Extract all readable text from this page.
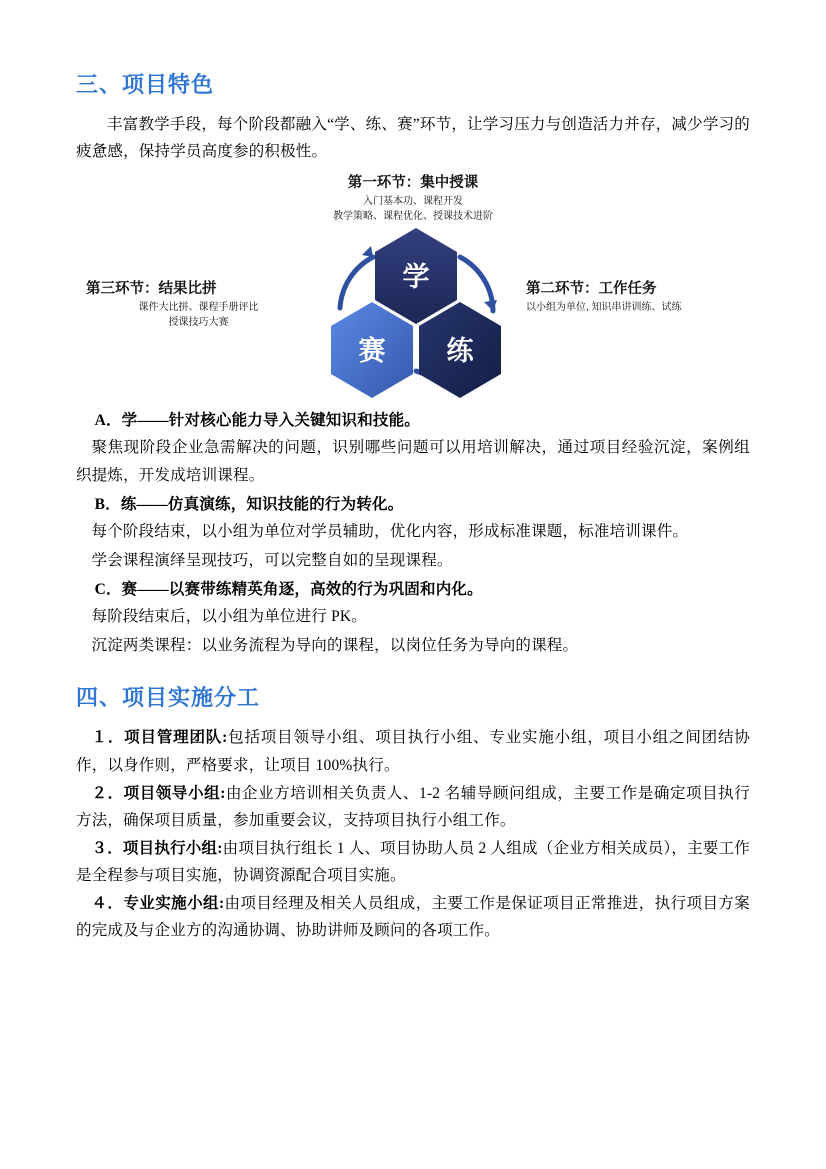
三、项目特色

丰富教学手段，每个阶段都融入“学、练、赛”环节，让学习压力与创造活力并存，减少学习的疲惫感，保持学员高度参的积极性。

学
练
赛
第一环节：集中授课
入门基本功、课程开发
教学策略、课程优化、授课技术进阶
第二环节：工作任务
以小组为单位, 知识串讲训练、试练
第三环节：结果比拼
课件大比拼、课程手册评比
授课技巧大赛

A．学——针对核心能力导入关键知识和技能。

聚焦现阶段企业急需解决的问题，识别哪些问题可以用培训解决，通过项目经验沉淀，案例组织提炼，开发成培训课程。

B．练——仿真演练，知识技能的行为转化。

每个阶段结束，以小组为单位对学员辅助，优化内容，形成标准课题，标准培训课件。

学会课程演绎呈现技巧，可以完整自如的呈现课程。

C．赛——以赛带练精英角逐，高效的行为巩固和内化。

每阶段结束后，以小组为单位进行 PK。

沉淀两类课程：以业务流程为导向的课程，以岗位任务为导向的课程。

四、项目实施分工

１．项目管理团队:包括项目领导小组、项目执行小组、专业实施小组，项目小组之间团结协作，以身作则，严格要求，让项目 100%执行。

２．项目领导小组:由企业方培训相关负责人、1-2 名辅导顾问组成，主要工作是确定项目执行方法，确保项目质量，参加重要会议，支持项目执行小组工作。

３．项目执行小组:由项目执行组长 1 人、项目协助人员 2 人组成（企业方相关成员），主要工作是全程参与项目实施，协调资源配合项目实施。

４．专业实施小组:由项目经理及相关人员组成，主要工作是保证项目正常推进，执行项目方案的完成及与企业方的沟通协调、协助讲师及顾问的各项工作。
